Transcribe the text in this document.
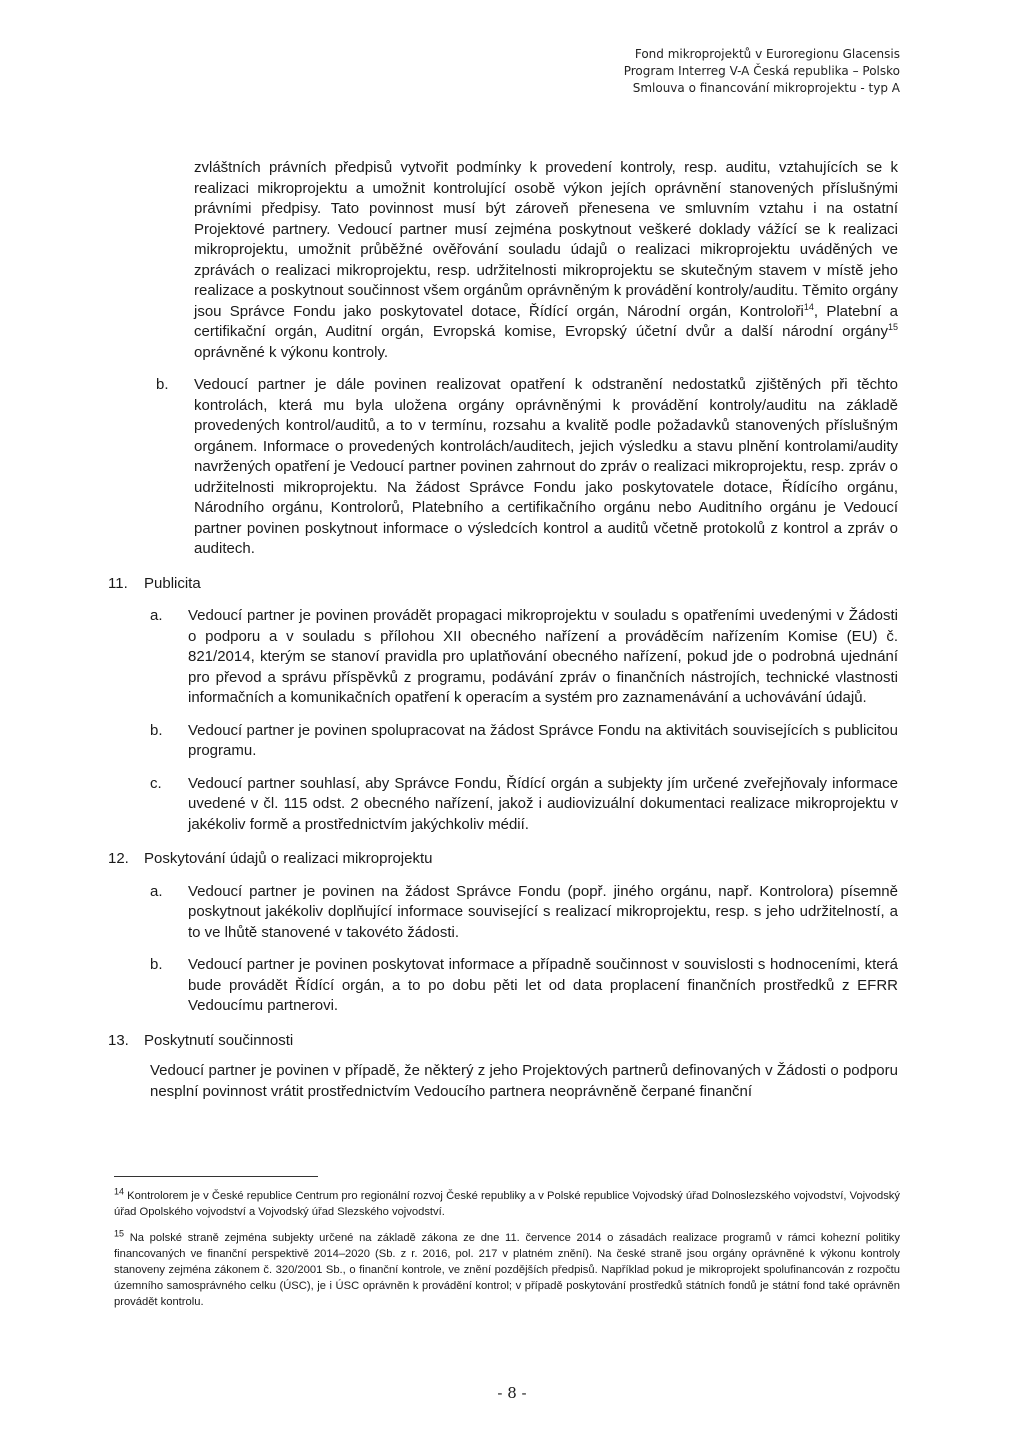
Fond mikroprojektů v Euroregionu Glacensis
Program Interreg V-A Česká republika – Polsko
Smlouva o financování mikroprojektu - typ A

zvláštních právních předpisů vytvořit podmínky k provedení kontroly, resp. auditu, vztahujících se k realizaci mikroprojektu a umožnit kontrolující osobě výkon jejích oprávnění stanovených příslušnými právními předpisy. Tato povinnost musí být zároveň přenesena ve smluvním vztahu i na ostatní Projektové partnery. Vedoucí partner musí zejména poskytnout veškeré doklady vážící se k realizaci mikroprojektu, umožnit průběžné ověřování souladu údajů o realizaci mikroprojektu uváděných ve zprávách o realizaci mikroprojektu, resp. udržitelnosti mikroprojektu se skutečným stavem v místě jeho realizace a poskytnout součinnost všem orgánům oprávněným k provádění kontroly/auditu. Těmito orgány jsou Správce Fondu jako poskytovatel dotace, Řídící orgán, Národní orgán, Kontroloři$^{14}$, Platební a certifikační orgán, Auditní orgán, Evropská komise, Evropský účetní dvůr a další národní orgány$^{15}$ oprávněné k výkonu kontroly.

b.	Vedoucí partner je dále povinen realizovat opatření k odstranění nedostatků zjištěných při těchto kontrolách, která mu byla uložena orgány oprávněnými k provádění kontroly/auditu na základě provedených kontrol/auditů, a to v termínu, rozsahu a kvalitě podle požadavků stanovených příslušným orgánem. Informace o provedených kontrolách/auditech, jejich výsledku a stavu plnění kontrolami/audity navržených opatření je Vedoucí partner povinen zahrnout do zpráv o realizaci mikroprojektu, resp. zpráv o udržitelnosti mikroprojektu. Na žádost Správce Fondu jako poskytovatele dotace, Řídícího orgánu, Národního orgánu, Kontrolorů, Platebního a certifikačního orgánu nebo Auditního orgánu je Vedoucí partner povinen poskytnout informace o výsledcích kontrol a auditů včetně protokolů z kontrol a zpráv o auditech.

11.	Publicita
a.	Vedoucí partner je povinen provádět propagaci mikroprojektu v souladu s opatřeními uvedenými v Žádosti o podporu a v souladu s přílohou XII obecného nařízení a prováděcím nařízením Komise (EU) č. 821/2014, kterým se stanoví pravidla pro uplatňování obecného nařízení, pokud jde o podrobná ujednání pro převod a správu příspěvků z programu, podávání zpráv o finančních nástrojích, technické vlastnosti informačních a komunikačních opatření k operacím a systém pro zaznamenávání a uchovávání údajů.

b.	Vedoucí partner je povinen spolupracovat na žádost Správce Fondu na aktivitách souvisejících s publicitou programu.

c.	Vedoucí partner souhlasí, aby Správce Fondu, Řídící orgán a subjekty jím určené zveřejňovaly informace uvedené v čl. 115 odst. 2 obecného nařízení, jakož i audiovizuální dokumentaci realizace mikroprojektu v jakékoliv formě a prostřednictvím jakýchkoliv médií.

12.	Poskytování údajů o realizaci mikroprojektu
a.	Vedoucí partner je povinen na žádost Správce Fondu (popř. jiného orgánu, např. Kontrolora) písemně poskytnout jakékoliv doplňující informace související s realizací mikroprojektu, resp. s jeho udržitelností, a to ve lhůtě stanovené v takovéto žádosti.

b.	Vedoucí partner je povinen poskytovat informace a případně součinnost v souvislosti s hodnoceními, která bude provádět Řídící orgán, a to po dobu pěti let od data proplacení finančních prostředků z EFRR Vedoucímu partnerovi.

13.	Poskytnutí součinnosti

Vedoucí partner je povinen v případě, že některý z jeho Projektových partnerů definovaných v Žádosti o podporu nesplní povinnost vrátit prostřednictvím Vedoucího partnera neoprávněně čerpané finanční

$^{14}$ Kontrolorem je v České republice Centrum pro regionální rozvoj České republiky a v Polské republice Vojvodský úřad Dolnoslezského vojvodství, Vojvodský úřad Opolského vojvodství a Vojvodský úřad Slezského vojvodství.

$^{15}$ Na polské straně zejména subjekty určené na základě zákona ze dne 11. července 2014 o zásadách realizace programů v rámci kohezní politiky financovaných ve finanční perspektivě 2014–2020 (Sb. z r. 2016, pol. 217 v platném znění). Na české straně jsou orgány oprávněné k výkonu kontroly stanoveny zejména zákonem č. 320/2001 Sb., o finanční kontrole, ve znění pozdějších předpisů. Například pokud je mikroprojekt spolufinancován z rozpočtu územního samosprávného celku (ÚSC), je i ÚSC oprávněn k provádění kontrol; v případě poskytování prostředků státních fondů je státní fond také oprávněn provádět kontrolu.

- 8 -
